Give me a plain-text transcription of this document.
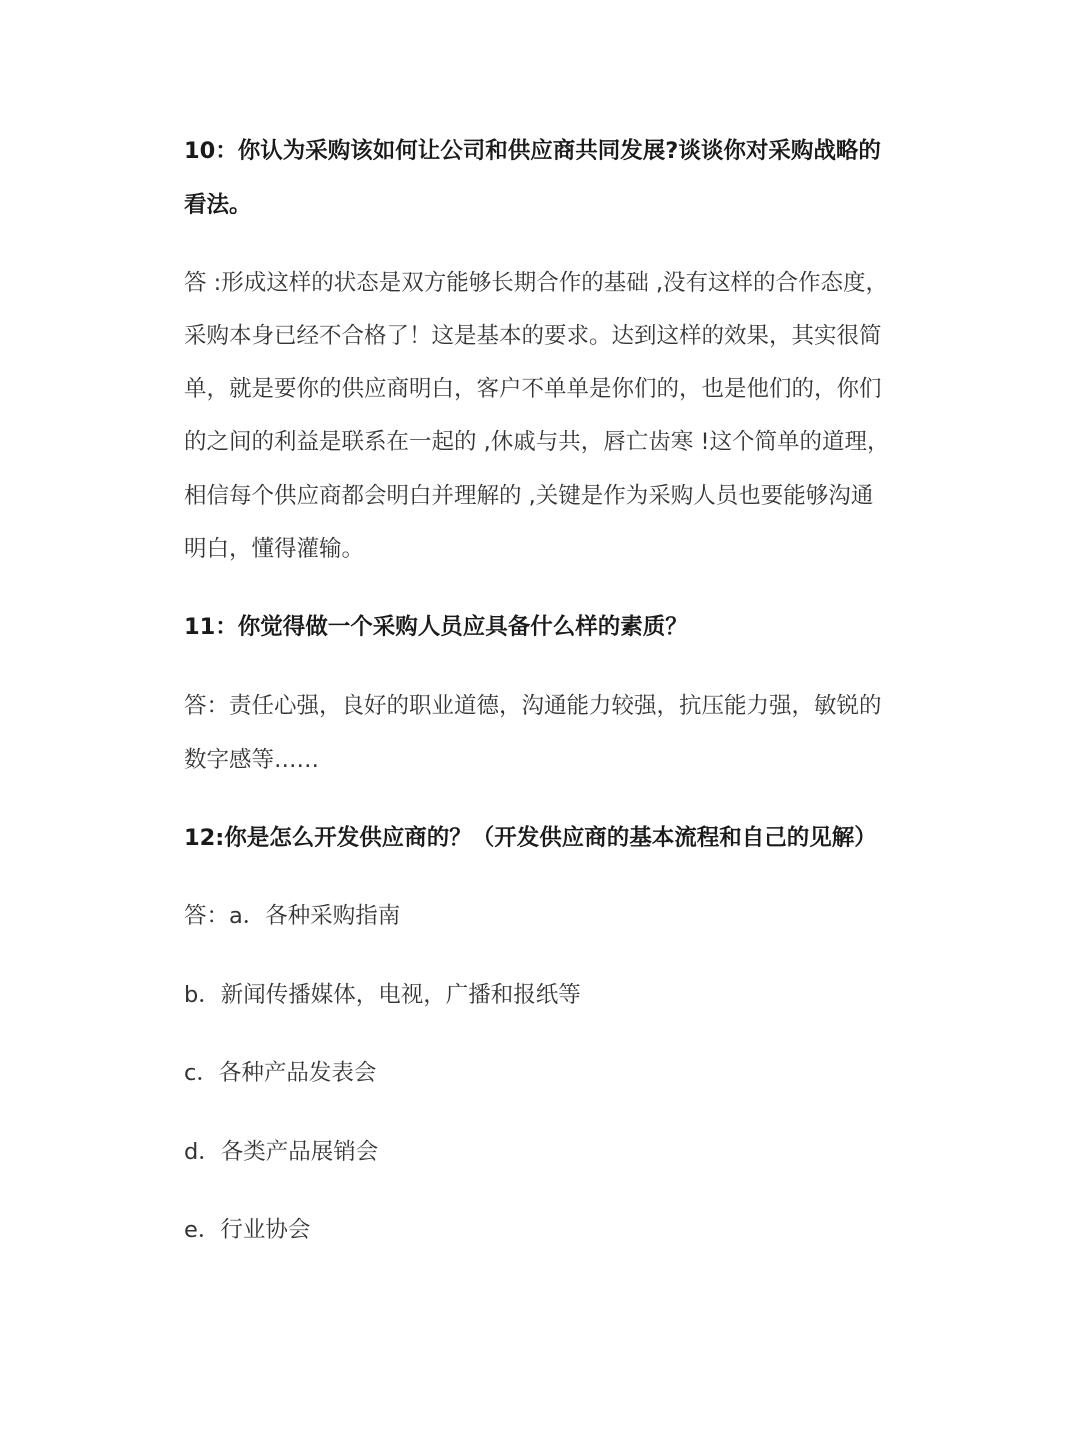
10：你认为采购该如何让公司和供应商共同发展?谈谈你对采购战略的
看法。
答 :形成这样的状态是双方能够长期合作的基础 ,没有这样的合作态度，
采购本身已经不合格了！这是基本的要求。达到这样的效果，其实很简
单，就是要你的供应商明白，客户不单单是你们的，也是他们的，你们
的之间的利益是联系在一起的 ,休戚与共，唇亡齿寒 !这个简单的道理，
相信每个供应商都会明白并理解的 ,关键是作为采购人员也要能够沟通
明白，懂得灌输。
11：你觉得做一个采购人员应具备什么样的素质？
答：责任心强，良好的职业道德，沟通能力较强，抗压能力强，敏锐的
数字感等……
12:你是怎么开发供应商的？（开发供应商的基本流程和自己的见解）
答：a．各种采购指南
b．新闻传播媒体，电视，广播和报纸等
c．各种产品发表会
d．各类产品展销会
e．行业协会
